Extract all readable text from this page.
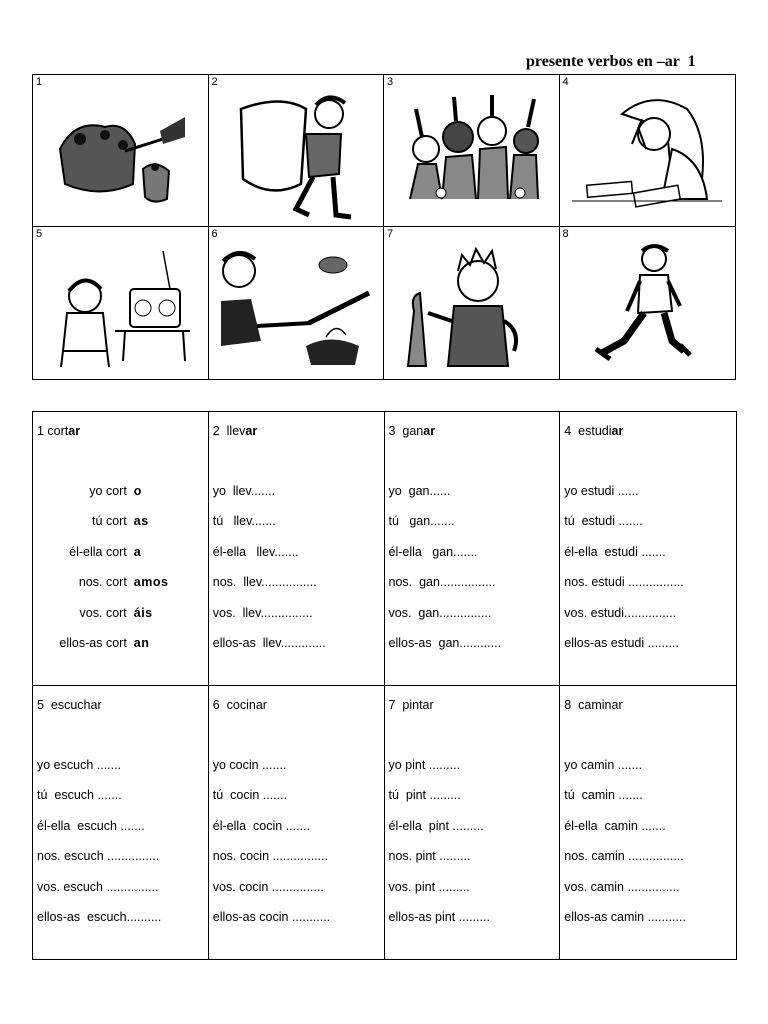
presente verbos en –ar  1
1	2	3	4
5	6	7	8
1 cortar
yo cort o
tú cort as
él-ella cort a
nos. cort amos
vos. cort áis
ellos-as cort an
2  llevar
yo  llev.......
tú   llev.......
él-ella   llev.......
nos.  llev................
vos.  llev...............
ellos-as  llev.............
3  ganar
yo  gan......
tú   gan.......
él-ella   gan.......
nos.  gan................
vos.  gan...............
ellos-as  gan............
4  estudiar
yo estudi ......
tú  estudi .......
él-ella  estudi .......
nos. estudi ................
vos. estudi...............
ellos-as estudi .........
5  escuchar
yo escuch .......
tú  escuch .......
él-ella  escuch .......
nos. escuch ...............
vos. escuch ...............
ellos-as  escuch..........
6  cocinar
yo cocin .......
tú  cocin .......
él-ella  cocin .......
nos. cocin ................
vos. cocin ...............
ellos-as cocin ...........
7  pintar
yo pint .........
tú  pint .........
él-ella  pint .........
nos. pint .........
vos. pint .........
ellos-as pint .........
8  caminar
yo camin .......
tú  camin .......
él-ella  camin .......
nos. camin ................
vos. camin ...............
ellos-as camin ...........
